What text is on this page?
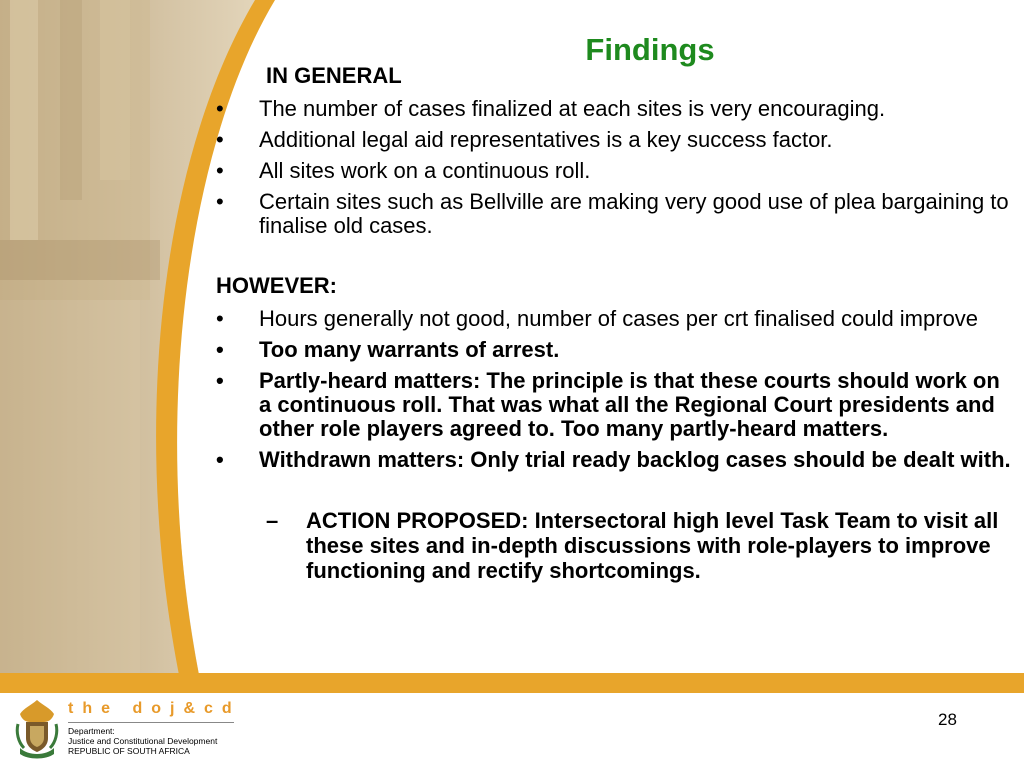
Findings
IN GENERAL
• The number of cases finalized at each sites is very encouraging.
• Additional legal aid representatives is a key success factor.
• All sites work on a continuous roll.
• Certain sites such as Bellville are making very good use of plea bargaining to finalise old cases.
HOWEVER:
• Hours generally not good, number of cases per crt finalised could improve
• Too many warrants of arrest.
• Partly-heard matters: The principle is that these courts should work on a continuous roll. That was what all the Regional Court presidents and other role players agreed to. Too many partly-heard matters.
• Withdrawn matters: Only trial ready backlog cases should be dealt with.
– ACTION PROPOSED: Intersectoral high level Task Team to visit all these sites and in-depth discussions with role-players to improve functioning and rectify shortcomings.
the doj&cd
Department:
Justice and Constitutional Development
REPUBLIC OF SOUTH AFRICA
28
